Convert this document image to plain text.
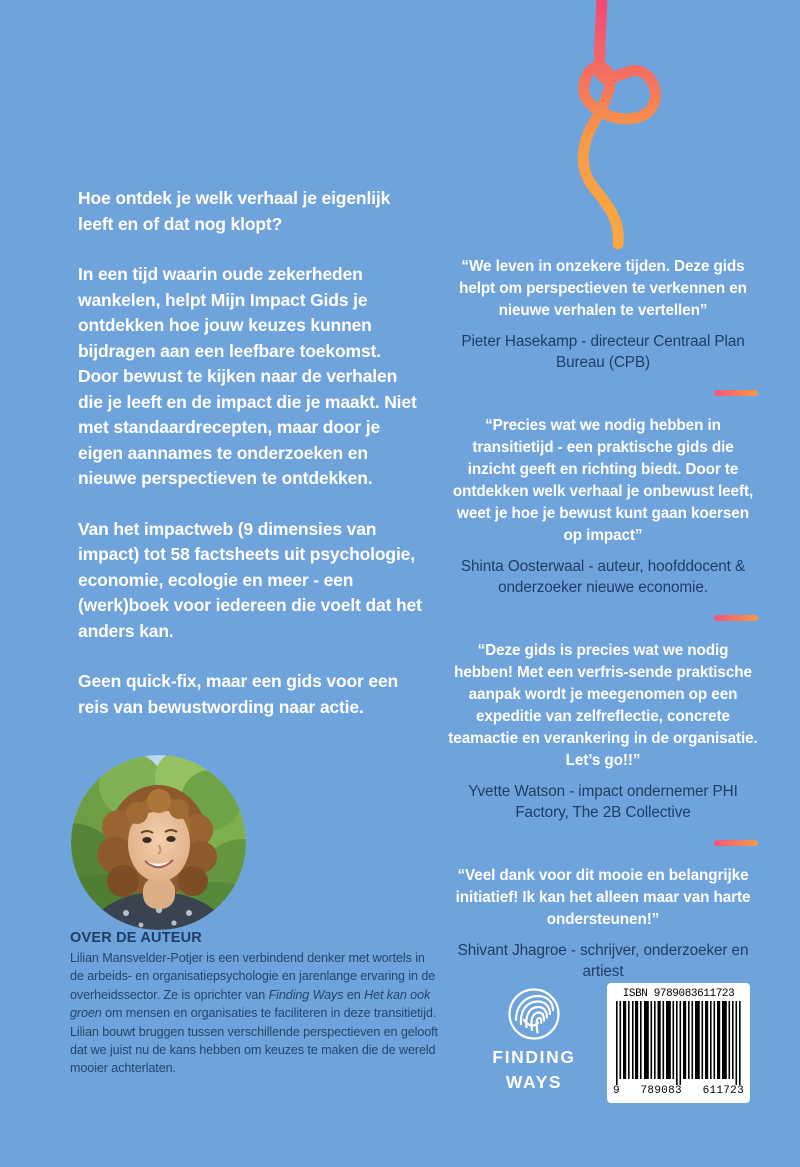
Hoe ontdek je welk verhaal je eigenlijk leeft en of dat nog klopt?

In een tijd waarin oude zekerheden wankelen, helpt Mijn Impact Gids je ontdekken hoe jouw keuzes kunnen bijdragen aan een leefbare toekomst. Door bewust te kijken naar de verhalen die je leeft en de impact die je maakt. Niet met standaardrecepten, maar door je eigen aannames te onderzoeken en nieuwe perspectieven te ontdekken.

Van het impactweb (9 dimensies van impact) tot 58 factsheets uit psychologie, economie, ecologie en meer - een (werk)boek voor iedereen die voelt dat het anders kan.

Geen quick-fix, maar een gids voor een reis van bewustwording naar actie.

OVER DE AUTEUR

Lilian Mansvelder-Potjer is een verbindend denker met wortels in de arbeids- en organisatiepsychologie en jarenlange ervaring in de overheidssector. Ze is oprichter van Finding Ways en Het kan ook groen om mensen en organisaties te faciliteren in deze transitietijd. Lilian bouwt bruggen tussen verschillende perspectieven en gelooft dat we juist nu de kans hebben om keuzes te maken die de wereld mooier achterlaten.

“We leven in onzekere tijden. Deze gids helpt om perspectieven te verkennen en nieuwe verhalen te vertellen”

Pieter Hasekamp - directeur Centraal Plan Bureau (CPB)

“Precies wat we nodig hebben in transitietijd - een praktische gids die inzicht geeft en richting biedt. Door te ontdekken welk verhaal je onbewust leeft, weet je hoe je bewust kunt gaan koersen op impact”

Shinta Oosterwaal - auteur, hoofddocent & onderzoeker nieuwe economie.

“Deze gids is precies wat we nodig hebben! Met een verfris-sende praktische aanpak wordt je meegenomen op een expeditie van zelfreflectie, concrete teamactie en verankering in de organisatie. Let’s go!!”

Yvette Watson - impact ondernemer PHI Factory, The 2B Collective

“Veel dank voor dit mooie en belangrijke initiatief! Ik kan het alleen maar van harte ondersteunen!”

Shivant Jhagroe - schrijver, onderzoeker en artiest

FINDING
WAYS
ISBN 9789083611723
9 789083 611723
